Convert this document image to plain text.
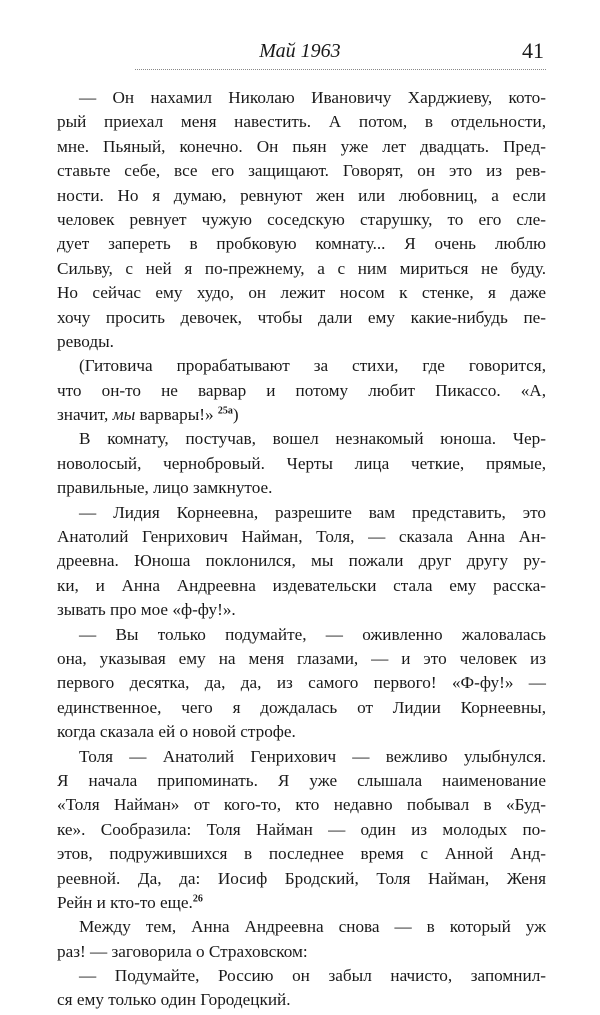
Май 1963	41
— Он нахамил Николаю Ивановичу Харджиеву, кото-
рый приехал меня навестить. А потом, в отдельности,
мне. Пьяный, конечно. Он пьян уже лет двадцать. Пред-
ставьте себе, все его защищают. Говорят, он это из рев-
ности. Но я думаю, ревнуют жен или любовниц, а если
человек ревнует чужую соседскую старушку, то его сле-
дует запереть в пробковую комнату... Я очень люблю
Сильву, с ней я по-прежнему, а с ним мириться не буду.
Но сейчас ему худо, он лежит носом к стенке, я даже
хочу просить девочек, чтобы дали ему какие-нибудь пе-
реводы.
(Гитовича прорабатывают за стихи, где говорится,
что он-то не варвар и потому любит Пикассо. «А,
значит, мы варвары!» $^{25а}$)
В комнату, постучав, вошел незнакомый юноша. Чер-
новолосый, чернобровый. Черты лица четкие, прямые,
правильные, лицо замкнутое.
— Лидия Корнеевна, разрешите вам представить, это
Анатолий Генрихович Найман, Толя, — сказала Анна Ан-
дреевна. Юноша поклонился, мы пожали друг другу ру-
ки, и Анна Андреевна издевательски стала ему расска-
зывать про мое «ф-фу!».
— Вы только подумайте, — оживленно жаловалась
она, указывая ему на меня глазами, — и это человек из
первого десятка, да, да, из самого первого! «Ф-фу!» —
единственное, чего я дождалась от Лидии Корнеевны,
когда сказала ей о новой строфе.
Толя — Анатолий Генрихович — вежливо улыбнулся.
Я начала припоминать. Я уже слышала наименование
«Толя Найман» от кого-то, кто недавно побывал в «Буд-
ке». Сообразила: Толя Найман — один из молодых по-
этов, подружившихся в последнее время с Анной Анд-
реевной. Да, да: Иосиф Бродский, Толя Найман, Женя
Рейн и кто-то еще.$^{26}$
Между тем, Анна Андреевна снова — в который уж
раз! — заговорила о Страховском:
— Подумайте, Россию он забыл начисто, запомнил-
ся ему только один Городецкий.
